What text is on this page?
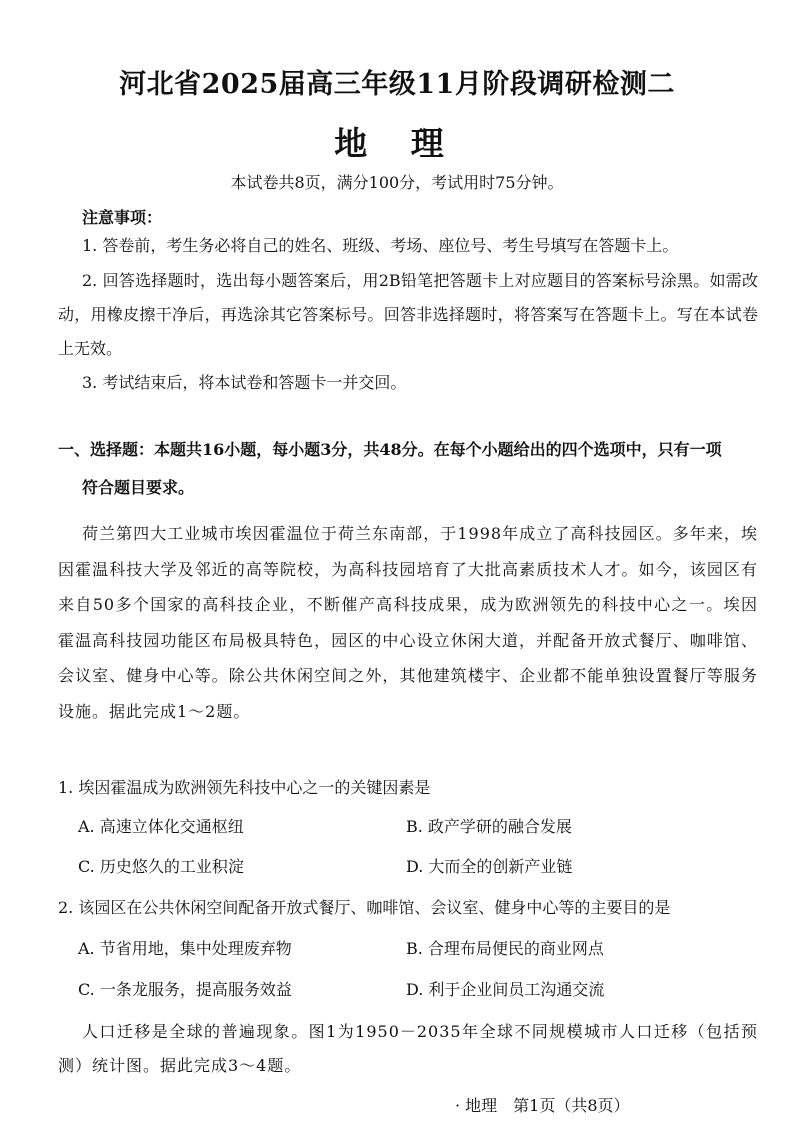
河北省2025届高三年级11月阶段调研检测二
地 理
本试卷共8页，满分100分，考试用时75分钟。
注意事项：
1. 答卷前，考生务必将自己的姓名、班级、考场、座位号、考生号填写在答题卡上。
2. 回答选择题时，选出每小题答案后，用2B铅笔把答题卡上对应题目的答案标号涂黑。如需改动，用橡皮擦干净后，再选涂其它答案标号。回答非选择题时，将答案写在答题卡上。写在本试卷上无效。
3. 考试结束后，将本试卷和答题卡一并交回。
一、选择题：本题共16小题，每小题3分，共48分。在每个小题给出的四个选项中，只有一项
符合题目要求。
荷兰第四大工业城市埃因霍温位于荷兰东南部，于1998年成立了高科技园区。多年来，埃因霍温科技大学及邻近的高等院校，为高科技园培育了大批高素质技术人才。如今，该园区有来自50多个国家的高科技企业，不断催产高科技成果，成为欧洲领先的科技中心之一。埃因霍温高科技园功能区布局极具特色，园区的中心设立休闲大道，并配备开放式餐厅、咖啡馆、会议室、健身中心等。除公共休闲空间之外，其他建筑楼宇、企业都不能单独设置餐厅等服务设施。据此完成1～2题。
1. 埃因霍温成为欧洲领先科技中心之一的关键因素是
A. 高速立体化交通枢纽	B. 政产学研的融合发展
C. 历史悠久的工业积淀	D. 大而全的创新产业链
2. 该园区在公共休闲空间配备开放式餐厅、咖啡馆、会议室、健身中心等的主要目的是
A. 节省用地，集中处理废弃物	B. 合理布局便民的商业网点
C. 一条龙服务，提高服务效益	D. 利于企业间员工沟通交流
人口迁移是全球的普遍现象。图1为1950－2035年全球不同规模城市人口迁移（包括预测）统计图。据此完成3～4题。
· 地理　第1页（共8页）
